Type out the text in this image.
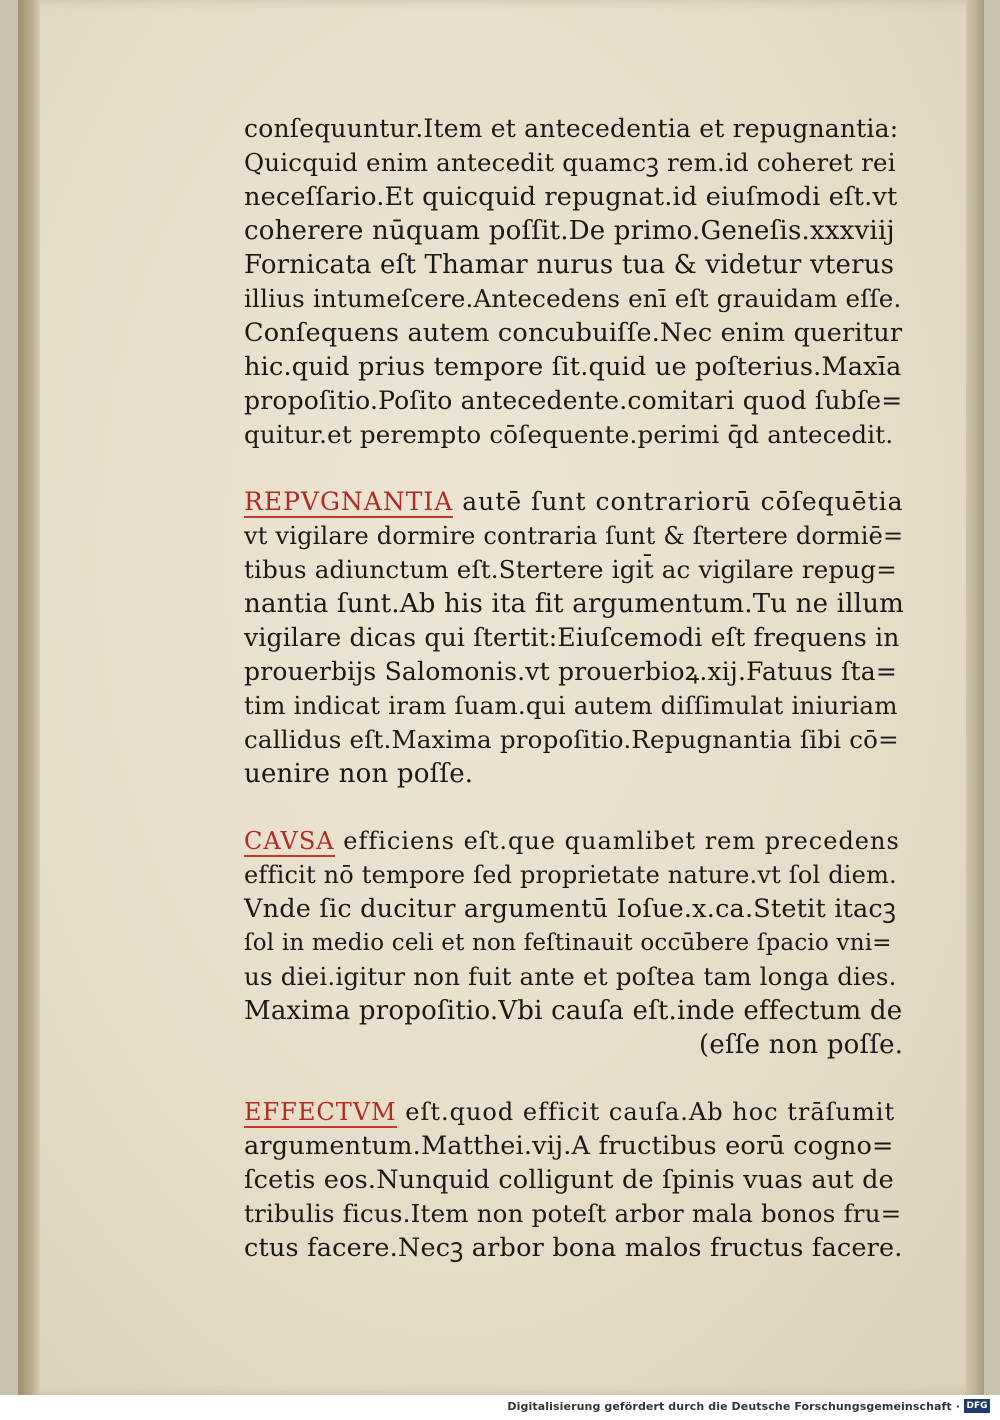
conſequuntur.Item et antecedentia et repugnantia:
Quicquid enim antecedit quamcꝫ rem.id coheret rei
neceſſario.Et quicquid repugnat.id eiuſmodi eſt.vt
coherere nūquam poſſit.De primo.Geneſis.xxxviij
Fornicata eſt Thamar nurus tua & videtur vterus
illius intumeſcere.Antecedens enī eſt grauidam eſſe.
Conſequens autem concubuiſſe.Nec enim queritur
hic.quid prius tempore ſit.quid ue poſterius.Maxīa
propoſitio.Poſito antecedente.comitari quod ſubſe=
quitur.et perempto cōſequente.perimi q̄d antecedit.
REPVGNANTIA autē ſunt contrariorū cōſequētia
vt vigilare dormire contraria ſunt & ſtertere dormiē=
tibus adiunctum eſt.Stertere igit̄ ac vigilare repug=
nantia ſunt.Ab his ita fit argumentum.Tu ne illum
vigilare dicas qui ſtertit:Eiuſcemodi eſt frequens in
prouerbijs Salomonis.vt prouerbioꝝ.xij.Fatuus ſta=
tim indicat iram ſuam.qui autem diſſimulat iniuriam
callidus eſt.Maxima propoſitio.Repugnantia ſibi cō=
uenire non poſſe.
CAVSA efficiens eſt.que quamlibet rem precedens
efficit nō tempore ſed proprietate nature.vt ſol diem.
Vnde ſic ducitur argumentū Ioſue.x.ca.Stetit itacꝫ
ſol in medio celi et non feſtinauit occūbere ſpacio vni=
us diei.igitur non fuit ante et poſtea tam longa dies.
Maxima propoſitio.Vbi cauſa eſt.inde effectum de
(eſſe non poſſe.
EFFECTVM eſt.quod efficit cauſa.Ab hoc trāſumit
argumentum.Matthei.vij.A fructibus eorū cogno=
ſcetis eos.Nunquid colligunt de ſpinis vuas aut de
tribulis ficus.Item non poteſt arbor mala bonos fru=
ctus facere.Necꝫ arbor bona malos fructus facere.
Digitalisierung gefördert durch die Deutsche Forschungsgemeinschaft · DFG
